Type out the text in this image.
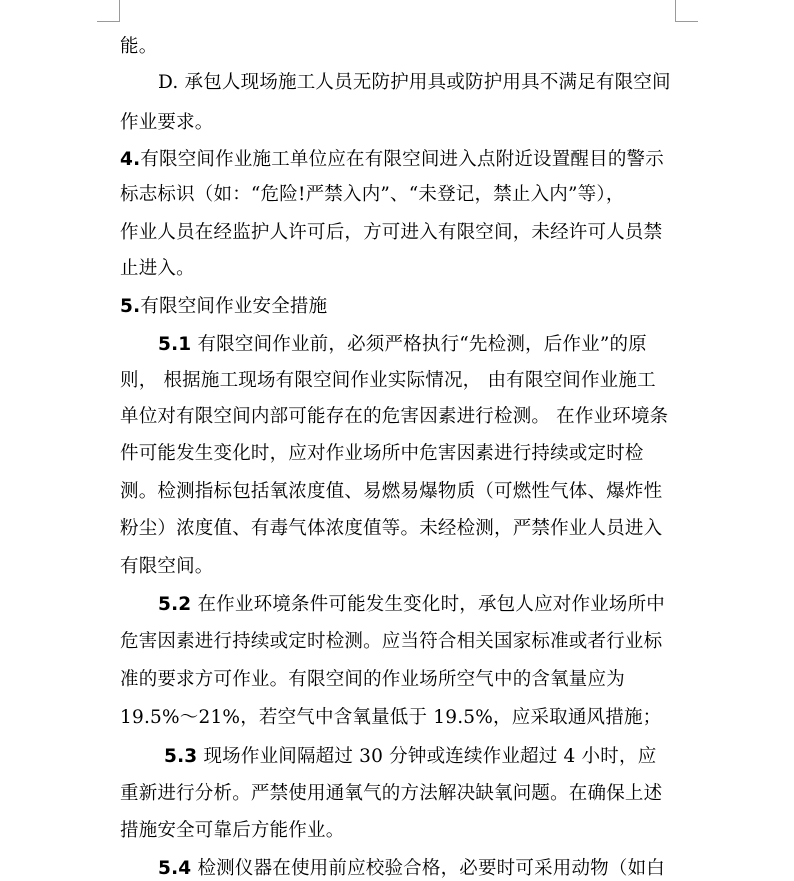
能。
D. 承包人现场施工人员无防护用具或防护用具不满足有限空间
作业要求。
4.有限空间作业施工单位应在有限空间进入点附近设置醒目的警示
标志标识（如：“危险!严禁入内”、“未登记，禁止入内”等），
作业人员在经监护人许可后，方可进入有限空间，未经许可人员禁
止进入。
5.有限空间作业安全措施
5.1 有限空间作业前，必须严格执行“先检测，后作业”的原
则， 根据施工现场有限空间作业实际情况， 由有限空间作业施工
单位对有限空间内部可能存在的危害因素进行检测。 在作业环境条
件可能发生变化时，应对作业场所中危害因素进行持续或定时检
测。检测指标包括氧浓度值、易燃易爆物质（可燃性气体、爆炸性
粉尘）浓度值、有毒气体浓度值等。未经检测，严禁作业人员进入
有限空间。
5.2 在作业环境条件可能发生变化时，承包人应对作业场所中
危害因素进行持续或定时检测。应当符合相关国家标准或者行业标
准的要求方可作业。有限空间的作业场所空气中的含氧量应为
19.5%～21%，若空气中含氧量低于 19.5%，应采取通风措施；
5.3 现场作业间隔超过 30 分钟或连续作业超过 4 小时，应
重新进行分析。严禁使用通氧气的方法解决缺氧问题。在确保上述
措施安全可靠后方能作业。
5.4 检测仪器在使用前应校验合格，必要时可采用动物（如白
